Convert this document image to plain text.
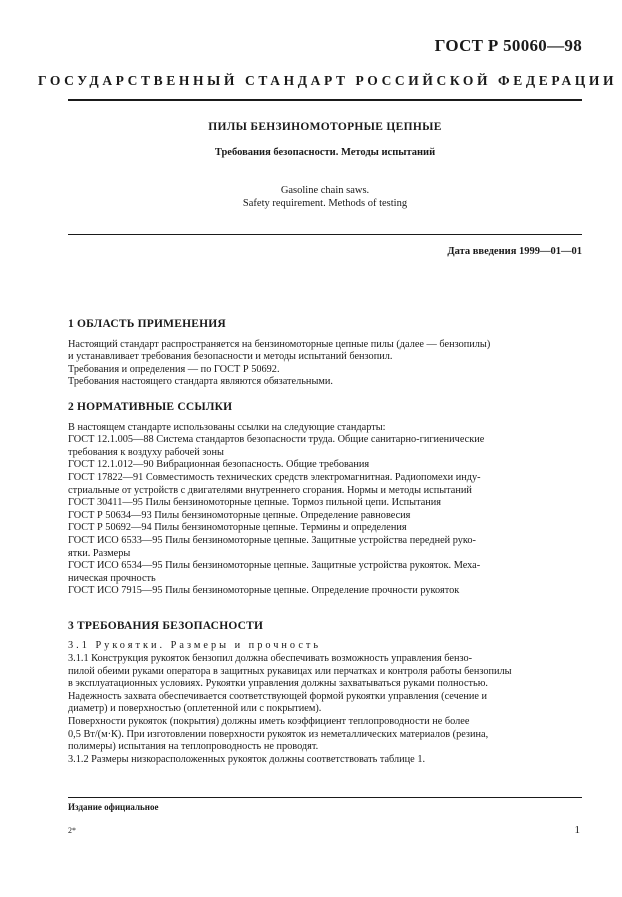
ГОСТ Р 50060—98
ГОСУДАРСТВЕННЫЙ СТАНДАРТ РОССИЙСКОЙ ФЕДЕРАЦИИ
ПИЛЫ БЕНЗИНОМОТОРНЫЕ ЦЕПНЫЕ
Требования безопасности. Методы испытаний
Gasoline chain saws.
Safety requirement. Methods of testing
Дата введения 1999—01—01
1 ОБЛАСТЬ ПРИМЕНЕНИЯ
Настоящий стандарт распространяется на бензиномоторные цепные пилы (далее — бензопилы)
и устанавливает требования безопасности и методы испытаний бензопил.
Требования и определения — по ГОСТ Р 50692.
Требования настоящего стандарта являются обязательными.
2 НОРМАТИВНЫЕ ССЫЛКИ
В настоящем стандарте использованы ссылки на следующие стандарты:
ГОСТ 12.1.005—88 Система стандартов безопасности труда. Общие санитарно-гигиенические
требования к воздуху рабочей зоны
ГОСТ 12.1.012—90 Вибрационная безопасность. Общие требования
ГОСТ 17822—91 Совместимость технических средств электромагнитная. Радиопомехи инду-
стриальные от устройств с двигателями внутреннего сгорания. Нормы и методы испытаний
ГОСТ 30411—95 Пилы бензиномоторные цепные. Тормоз пильной цепи. Испытания
ГОСТ Р 50634—93 Пилы бензиномоторные цепные. Определение равновесия
ГОСТ Р 50692—94 Пилы бензиномоторные цепные. Термины и определения
ГОСТ ИСО 6533—95 Пилы бензиномоторные цепные. Защитные устройства передней руко-
ятки. Размеры
ГОСТ ИСО 6534—95 Пилы бензиномоторные цепные. Защитные устройства рукояток. Меха-
ническая прочность
ГОСТ ИСО 7915—95 Пилы бензиномоторные цепные. Определение прочности рукояток
3 ТРЕБОВАНИЯ БЕЗОПАСНОСТИ
3.1 Рукоятки. Размеры и прочность
3.1.1 Конструкция рукояток бензопил должна обеспечивать возможность управления бензо-
пилой обеими руками оператора в защитных рукавицах или перчатках и контроля работы бензопилы
в эксплуатационных условиях. Рукоятки управления должны захватываться руками полностью.
Надежность захвата обеспечивается соответствующей формой рукоятки управления (сечение и
диаметр) и поверхностью (оплетенной или с покрытием).
Поверхности рукояток (покрытия) должны иметь коэффициент теплопроводности не более
0,5 Вт/(м·К). При изготовлении поверхности рукояток из неметаллических материалов (резина,
полимеры) испытания на теплопроводность не проводят.
3.1.2 Размеры низкорасположенных рукояток должны соответствовать таблице 1.
Издание официальное
2*	1
